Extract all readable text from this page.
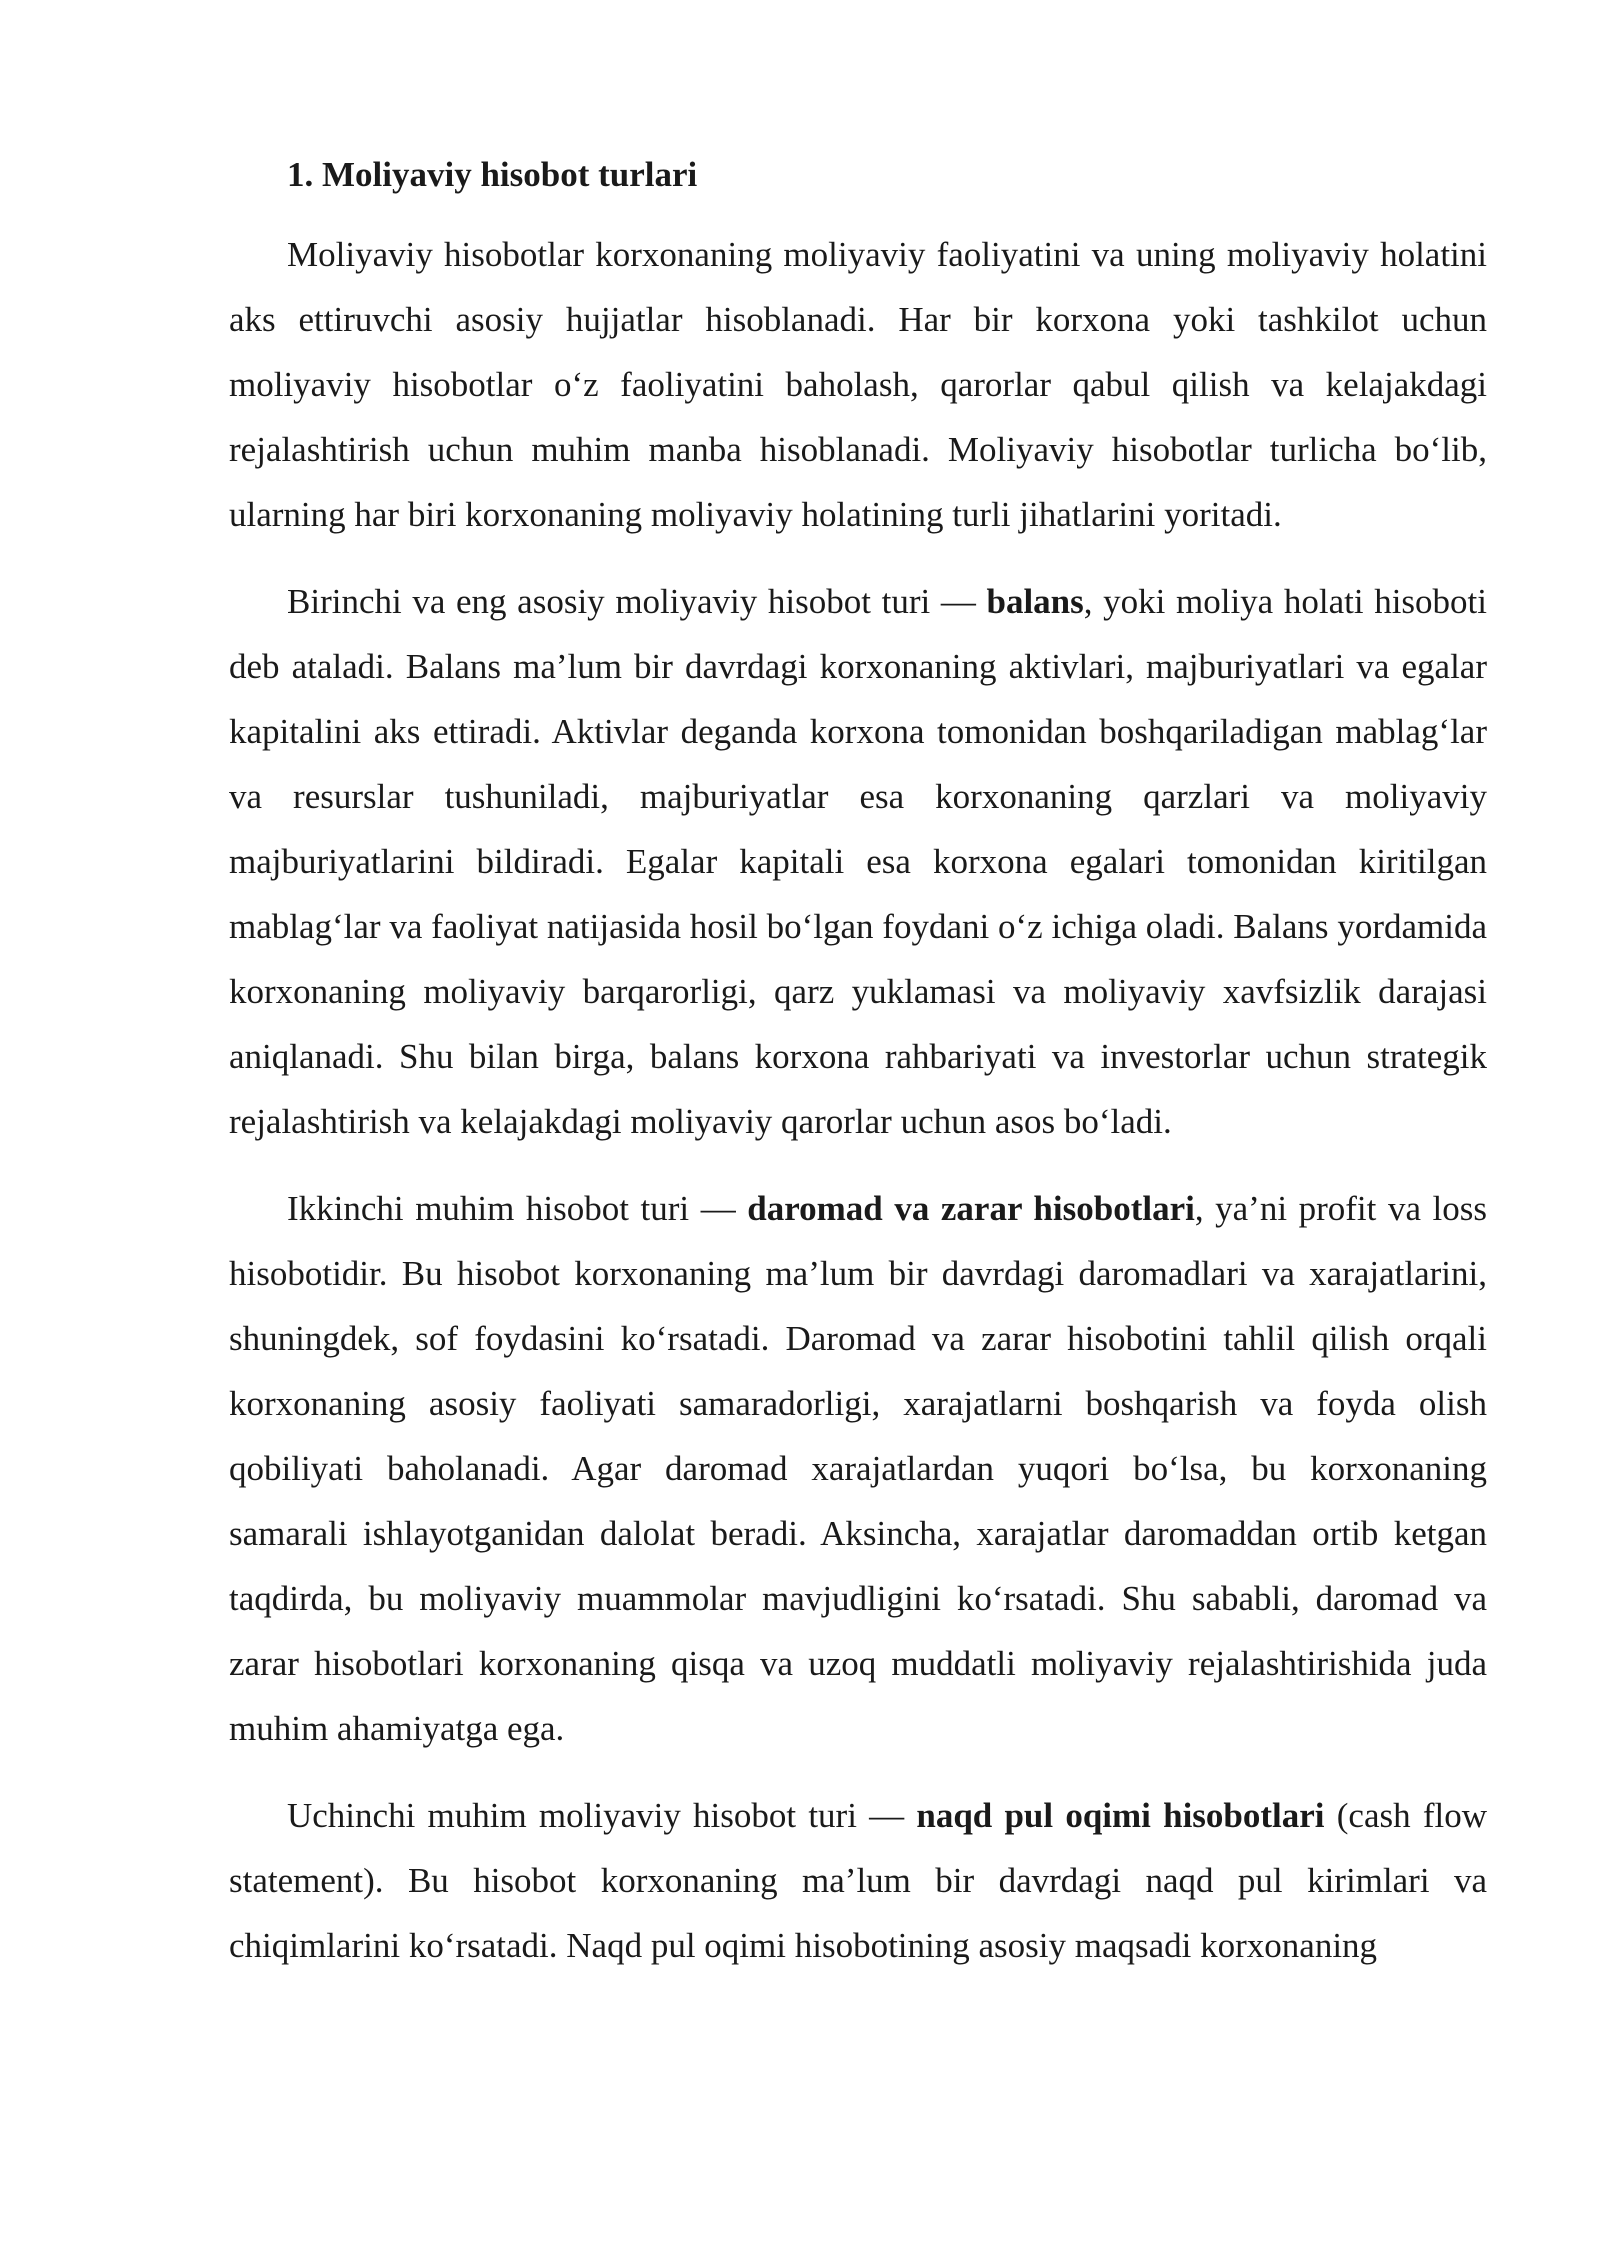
1. Moliyaviy hisobot turlari

Moliyaviy hisobotlar korxonaning moliyaviy faoliyatini va uning moliyaviy holatini aks ettiruvchi asosiy hujjatlar hisoblanadi. Har bir korxona yoki tashkilot uchun moliyaviy hisobotlar o‘z faoliyatini baholash, qarorlar qabul qilish va kelajakdagi rejalashtirish uchun muhim manba hisoblanadi. Moliyaviy hisobotlar turlicha bo‘lib, ularning har biri korxonaning moliyaviy holatining turli jihatlarini yoritadi.

Birinchi va eng asosiy moliyaviy hisobot turi — balans, yoki moliya holati hisoboti deb ataladi. Balans ma’lum bir davrdagi korxonaning aktivlari, majburiyatlari va egalar kapitalini aks ettiradi. Aktivlar deganda korxona tomonidan boshqariladigan mablag‘lar va resurslar tushuniladi, majburiyatlar esa korxonaning qarzlari va moliyaviy majburiyatlarini bildiradi. Egalar kapitali esa korxona egalari tomonidan kiritilgan mablag‘lar va faoliyat natijasida hosil bo‘lgan foydani o‘z ichiga oladi. Balans yordamida korxonaning moliyaviy barqarorligi, qarz yuklamasi va moliyaviy xavfsizlik darajasi aniqlanadi. Shu bilan birga, balans korxona rahbariyati va investorlar uchun strategik rejalashtirish va kelajakdagi moliyaviy qarorlar uchun asos bo‘ladi.

Ikkinchi muhim hisobot turi — daromad va zarar hisobotlari, ya’ni profit va loss hisobotidir. Bu hisobot korxonaning ma’lum bir davrdagi daromadlari va xarajatlarini, shuningdek, sof foydasini ko‘rsatadi. Daromad va zarar hisobotini tahlil qilish orqali korxonaning asosiy faoliyati samaradorligi, xarajatlarni boshqarish va foyda olish qobiliyati baholanadi. Agar daromad xarajatlardan yuqori bo‘lsa, bu korxonaning samarali ishlayotganidan dalolat beradi. Aksincha, xarajatlar daromaddan ortib ketgan taqdirda, bu moliyaviy muammolar mavjudligini ko‘rsatadi. Shu sababli, daromad va zarar hisobotlari korxonaning qisqa va uzoq muddatli moliyaviy rejalashtirishida juda muhim ahamiyatga ega.

Uchinchi muhim moliyaviy hisobot turi — naqd pul oqimi hisobotlari (cash flow statement). Bu hisobot korxonaning ma’lum bir davrdagi naqd pul kirimlari va chiqimlarini ko‘rsatadi. Naqd pul oqimi hisobotining asosiy maqsadi korxonaning
